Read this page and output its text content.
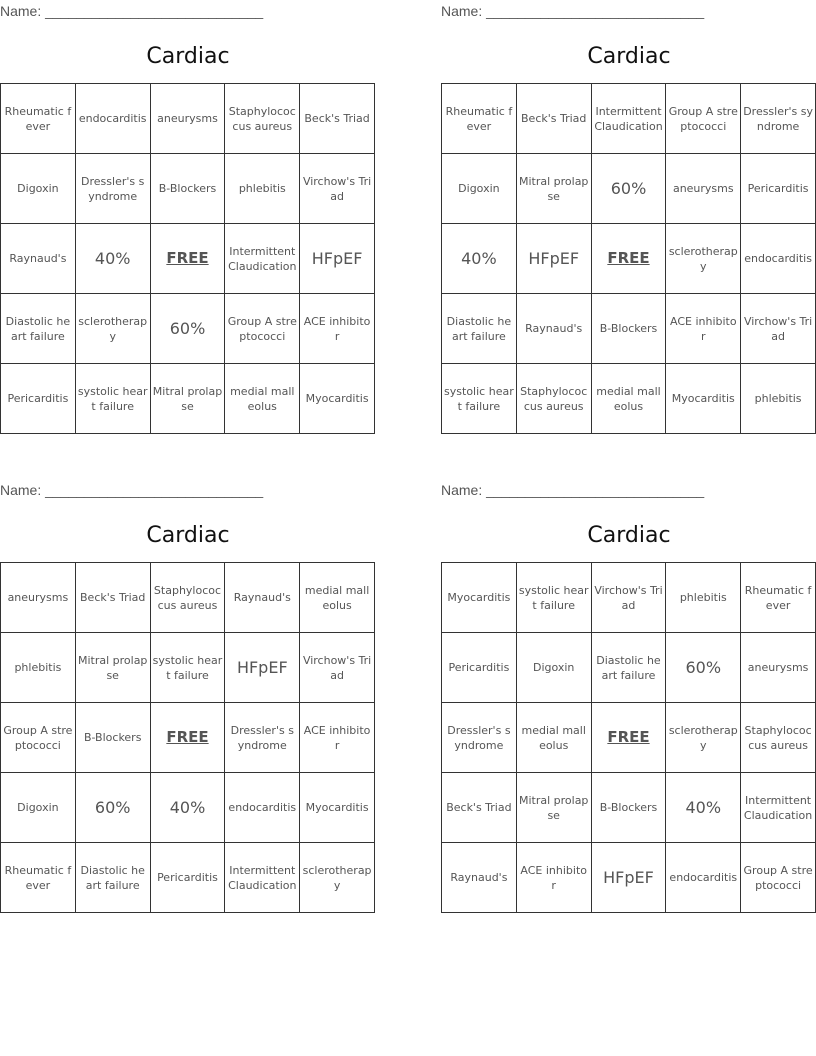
Name: ____________________________
Cardiac
Rheumatic fever	endocarditis	aneurysms	Staphylococcus aureus	Beck's Triad
Digoxin	Dressler's syndrome	B-Blockers	phlebitis	Virchow's Triad
Raynaud's	40%	FREE	Intermittent Claudication	HFpEF
Diastolic heart failure	sclerotherapy	60%	Group A streptococci	ACE inhibitor
Pericarditis	systolic heart failure	Mitral prolapse	medial malleolus	Myocarditis
Name: ____________________________
Cardiac
Rheumatic fever	Beck's Triad	Intermittent Claudication	Group A streptococci	Dressler's syndrome
Digoxin	Mitral prolapse	60%	aneurysms	Pericarditis
40%	HFpEF	FREE	sclerotherapy	endocarditis
Diastolic heart failure	Raynaud's	B-Blockers	ACE inhibitor	Virchow's Triad
systolic heart failure	Staphylococcus aureus	medial malleolus	Myocarditis	phlebitis
Name: ____________________________
Cardiac
aneurysms	Beck's Triad	Staphylococcus aureus	Raynaud's	medial malleolus
phlebitis	Mitral prolapse	systolic heart failure	HFpEF	Virchow's Triad
Group A streptococci	B-Blockers	FREE	Dressler's syndrome	ACE inhibitor
Digoxin	60%	40%	endocarditis	Myocarditis
Rheumatic fever	Diastolic heart failure	Pericarditis	Intermittent Claudication	sclerotherapy
Name: ____________________________
Cardiac
Myocarditis	systolic heart failure	Virchow's Triad	phlebitis	Rheumatic fever
Pericarditis	Digoxin	Diastolic heart failure	60%	aneurysms
Dressler's syndrome	medial malleolus	FREE	sclerotherapy	Staphylococcus aureus
Beck's Triad	Mitral prolapse	B-Blockers	40%	Intermittent Claudication
Raynaud's	ACE inhibitor	HFpEF	endocarditis	Group A streptococci
